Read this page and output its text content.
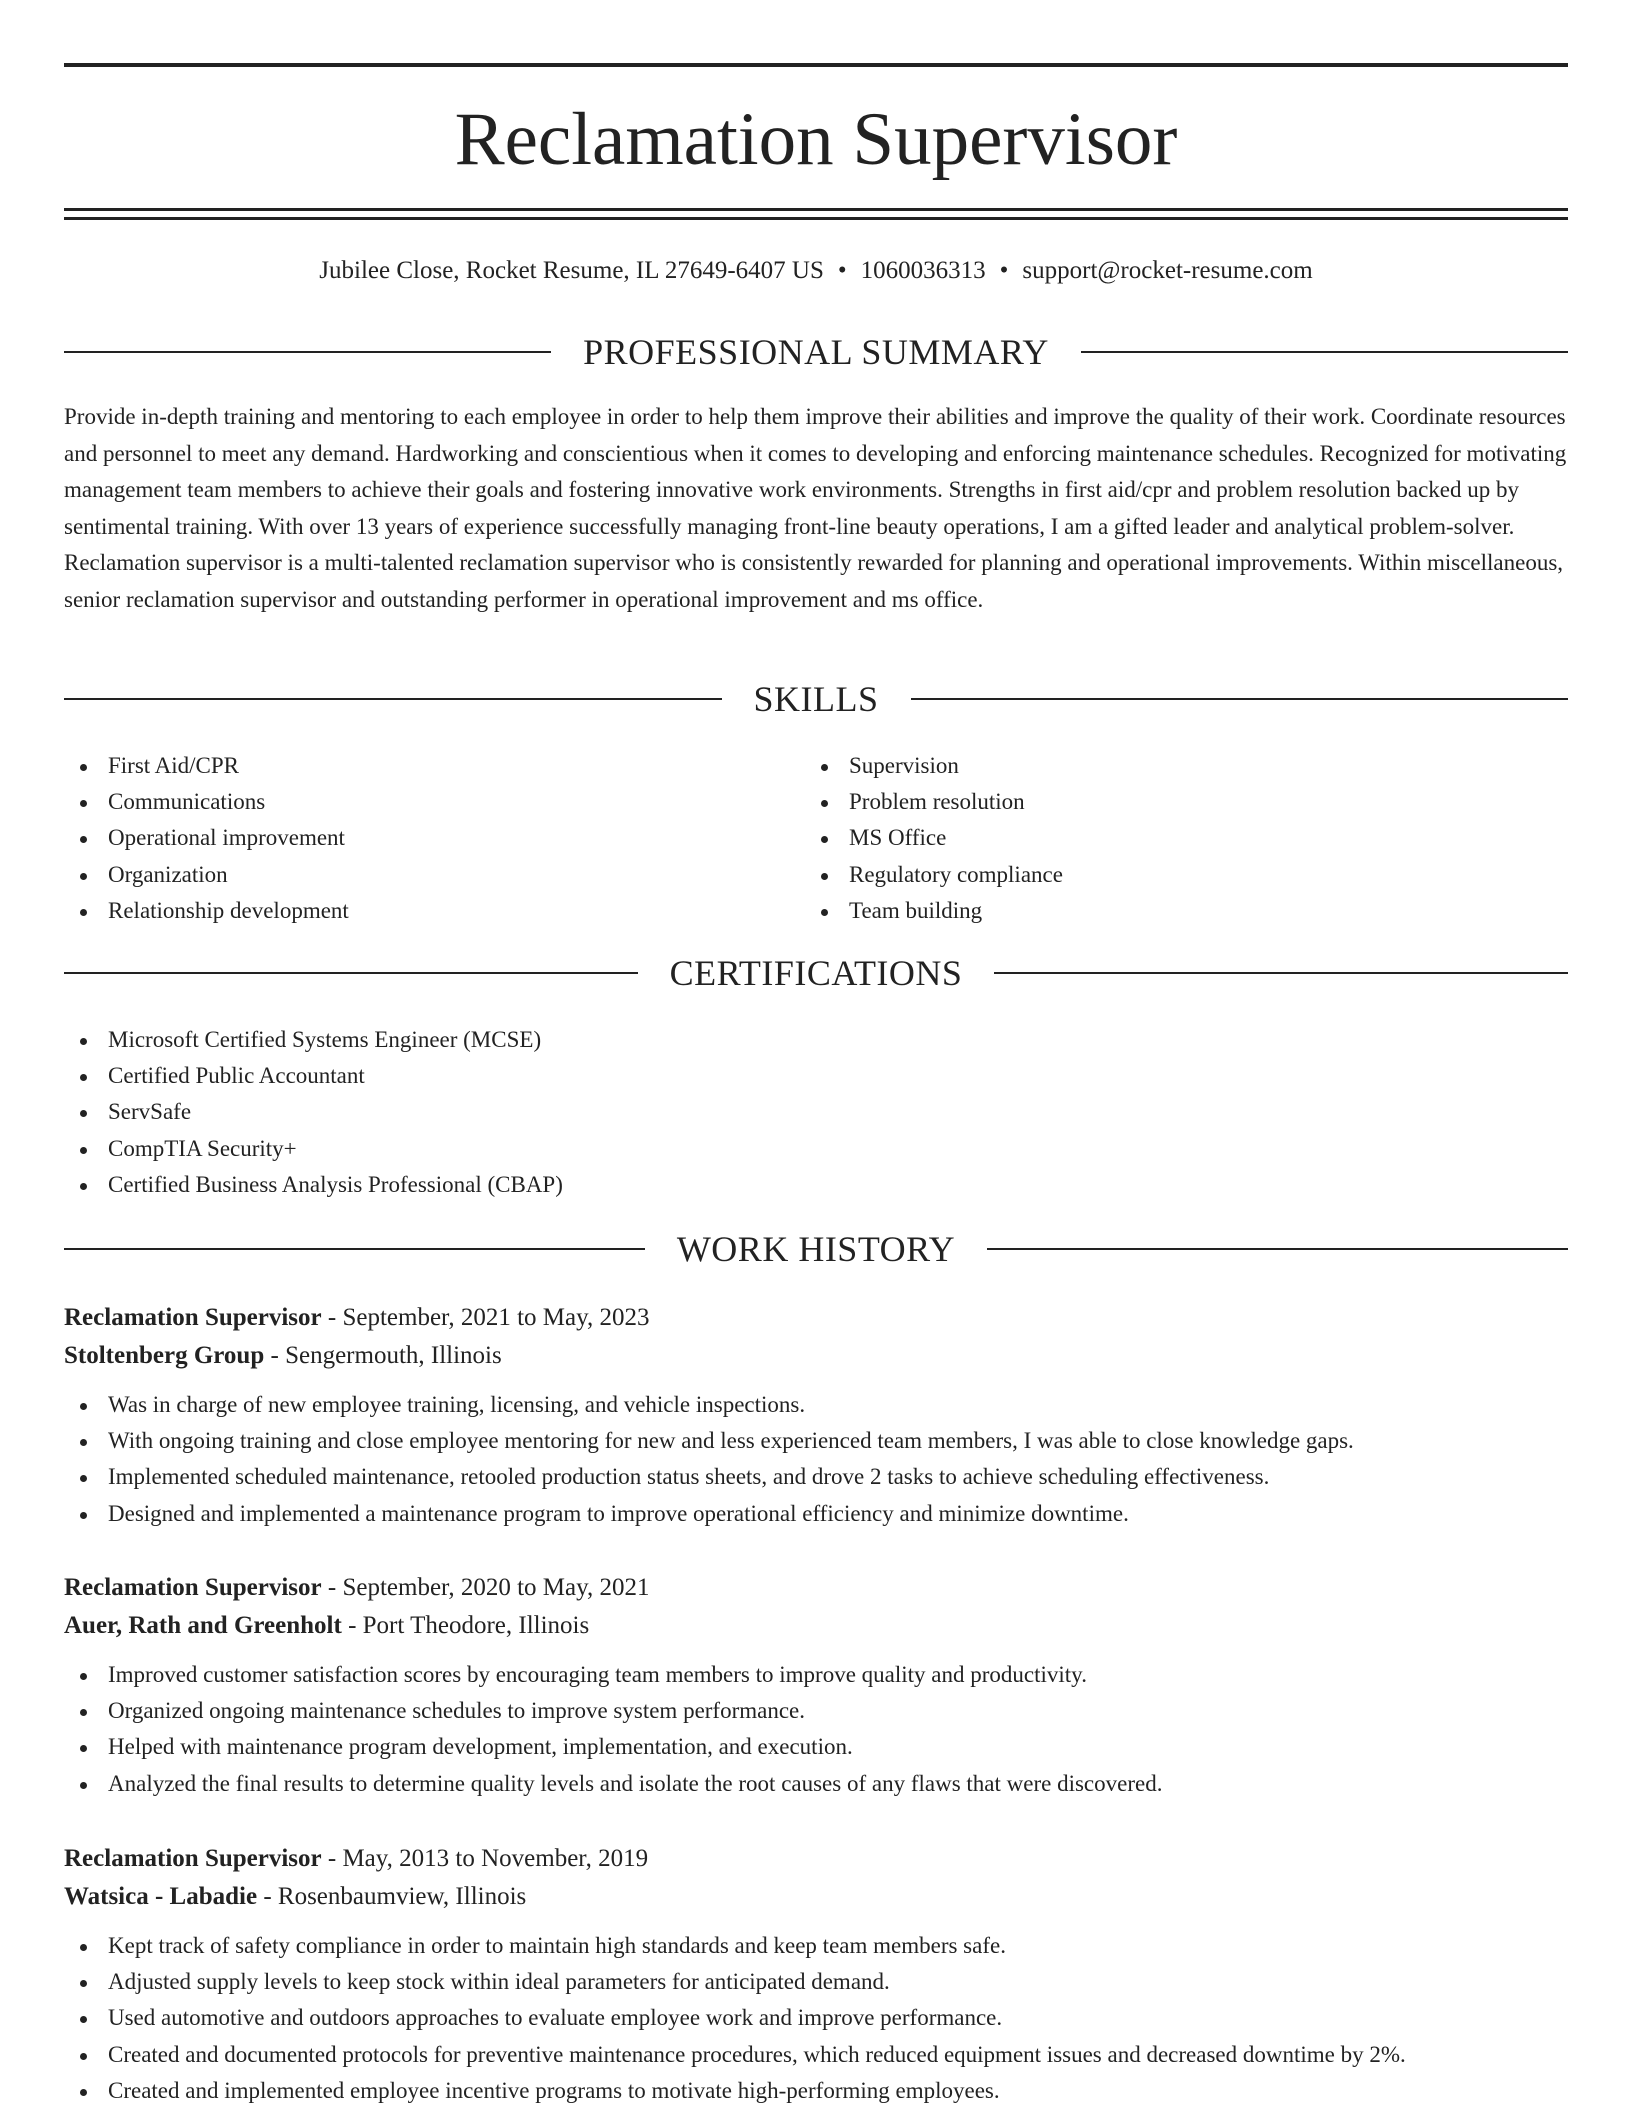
Reclamation Supervisor
Jubilee Close, Rocket Resume, IL 27649-6407 US • 1060036313 • support@rocket-resume.com
PROFESSIONAL SUMMARY

Provide in-depth training and mentoring to each employee in order to help them improve their abilities and improve the quality of their work. Coordinate resources and personnel to meet any demand. Hardworking and conscientious when it comes to developing and enforcing maintenance schedules. Recognized for motivating management team members to achieve their goals and fostering innovative work environments. Strengths in first aid/cpr and problem resolution backed up by sentimental training. With over 13 years of experience successfully managing front-line beauty operations, I am a gifted leader and analytical problem-solver. Reclamation supervisor is a multi-talented reclamation supervisor who is consistently rewarded for planning and operational improvements. Within miscellaneous, senior reclamation supervisor and outstanding performer in operational improvement and ms office.

SKILLS
First Aid/CPR
Communications
Operational improvement
Organization
Relationship development
Supervision
Problem resolution
MS Office
Regulatory compliance
Team building
CERTIFICATIONS
Microsoft Certified Systems Engineer (MCSE)
Certified Public Accountant
ServSafe
CompTIA Security+
Certified Business Analysis Professional (CBAP)
WORK HISTORY
Reclamation Supervisor - September, 2021 to May, 2023
Stoltenberg Group - Sengermouth, Illinois
Was in charge of new employee training, licensing, and vehicle inspections.
With ongoing training and close employee mentoring for new and less experienced team members, I was able to close knowledge gaps.
Implemented scheduled maintenance, retooled production status sheets, and drove 2 tasks to achieve scheduling effectiveness.
Designed and implemented a maintenance program to improve operational efficiency and minimize downtime.
Reclamation Supervisor - September, 2020 to May, 2021
Auer, Rath and Greenholt - Port Theodore, Illinois
Improved customer satisfaction scores by encouraging team members to improve quality and productivity.
Organized ongoing maintenance schedules to improve system performance.
Helped with maintenance program development, implementation, and execution.
Analyzed the final results to determine quality levels and isolate the root causes of any flaws that were discovered.
Reclamation Supervisor - May, 2013 to November, 2019
Watsica - Labadie - Rosenbaumview, Illinois
Kept track of safety compliance in order to maintain high standards and keep team members safe.
Adjusted supply levels to keep stock within ideal parameters for anticipated demand.
Used automotive and outdoors approaches to evaluate employee work and improve performance.
Created and documented protocols for preventive maintenance procedures, which reduced equipment issues and decreased downtime by 2%.
Created and implemented employee incentive programs to motivate high-performing employees.
